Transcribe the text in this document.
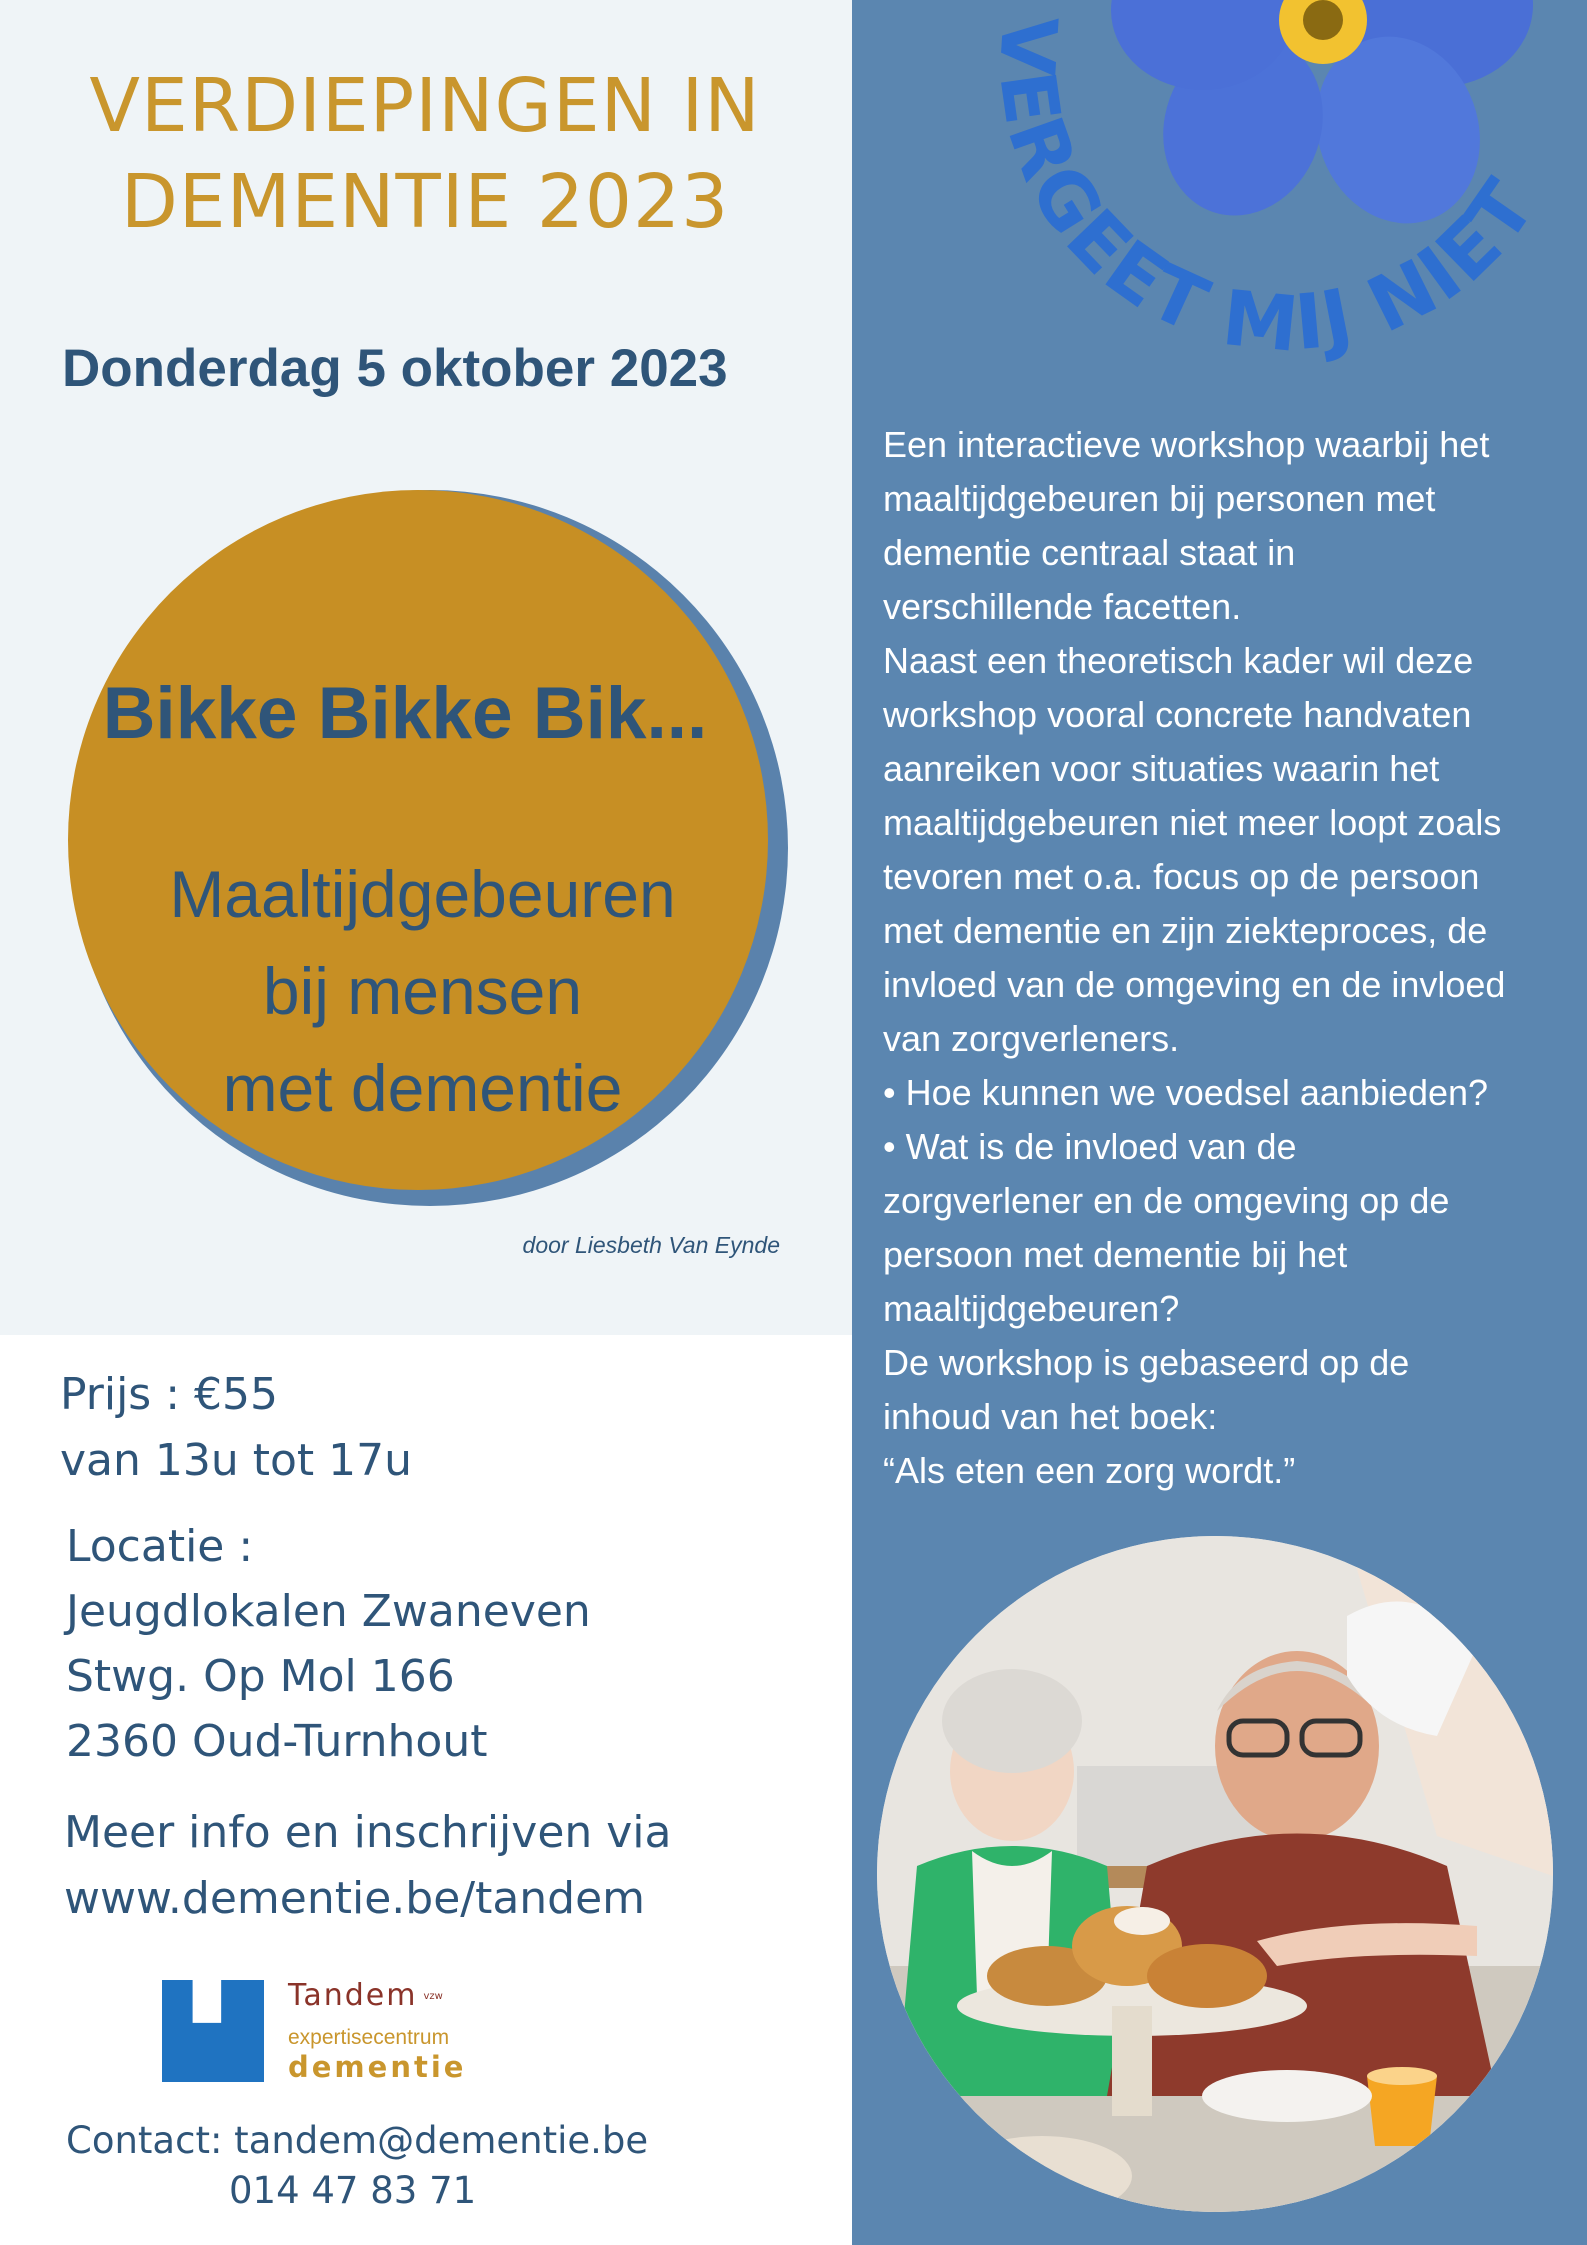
VERDIEPINGEN IN
DEMENTIE 2023
Donderdag 5 oktober 2023
Bikke Bikke Bik...
Maaltijdgebeuren
bij mensen
met dementie
door Liesbeth Van Eynde
Prijs : €55
van 13u tot 17u
Locatie :
Jeugdlokalen Zwaneven
Stwg. Op Mol 166
2360 Oud-Turnhout
Meer info en inschrijven via
www.dementie.be/tandem
Tandem vzw
expertisecentrum
dementie
Contact: tandem@dementie.be
014 47 83 71
VERGEET MIJ NIET
Een interactieve workshop waarbij het
maaltijdgebeuren bij personen met
dementie centraal staat in
verschillende facetten.
Naast een theoretisch kader wil deze
workshop vooral concrete handvaten
aanreiken voor situaties waarin het
maaltijdgebeuren niet meer loopt zoals
tevoren met o.a. focus op de persoon
met dementie en zijn ziekteproces, de
invloed van de omgeving en de invloed
van zorgverleners.
• Hoe kunnen we voedsel aanbieden?
• Wat is de invloed van de
zorgverlener en de omgeving op de
persoon met dementie bij het
maaltijdgebeuren?
De workshop is gebaseerd op de
inhoud van het boek:
“Als eten een zorg wordt.”
